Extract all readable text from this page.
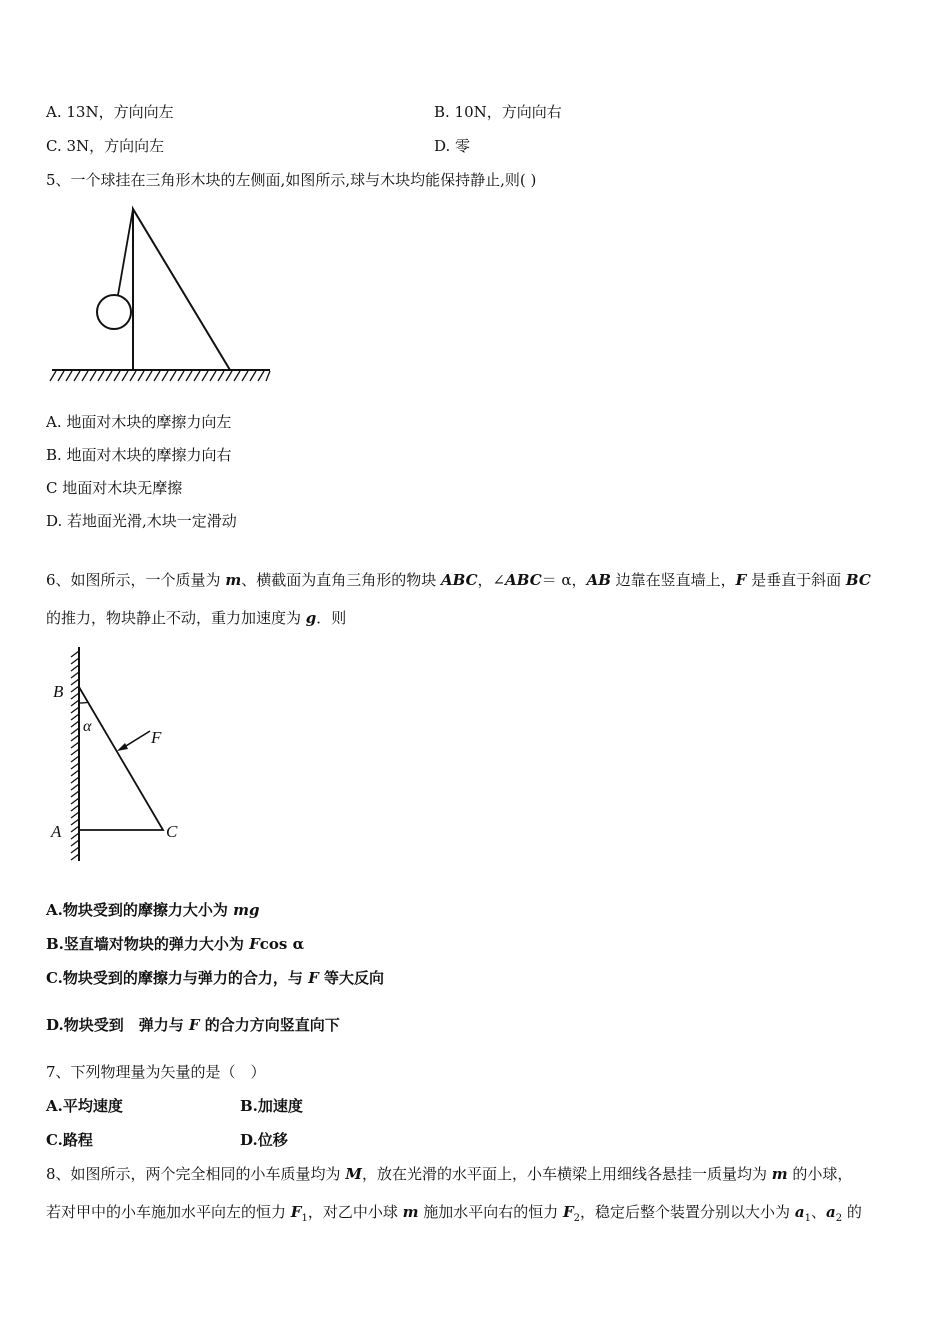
A. 13N，方向向左	B. 10N，方向向右
C. 3N，方向向左	D. 零
5、一个球挂在三角形木块的左侧面,如图所示,球与木块均能保持静止,则( )
A. 地面对木块的摩擦力向左
B. 地面对木块的摩擦力向右
C 地面对木块无摩擦
D. 若地面光滑,木块一定滑动
6、如图所示，一个质量为 m、横截面为直角三角形的物块 ABC，∠ABC＝ α，AB 边靠在竖直墙上，F 是垂直于斜面 BC
的推力，物块静止不动，重力加速度为 g．则
B
α
F
A	C
A.物块受到的摩擦力大小为 mg
B.竖直墙对物块的弹力大小为 Fcos α
C.物块受到的摩擦力与弹力的合力，与 F 等大反向
D.物块受到　弹力与 F 的合力方向竖直向下
7、下列物理量为矢量的是（　）
A.平均速度	B.加速度
C.路程	D.位移
8、如图所示，两个完全相同的小车质量均为 M，放在光滑的水平面上，小车横梁上用细线各悬挂一质量均为 m 的小球，
若对甲中的小车施加水平向左的恒力 $F_1$，对乙中小球 m 施加水平向右的恒力 $F_2$，稳定后整个装置分别以大小为 $a_1$、$a_2$ 的
